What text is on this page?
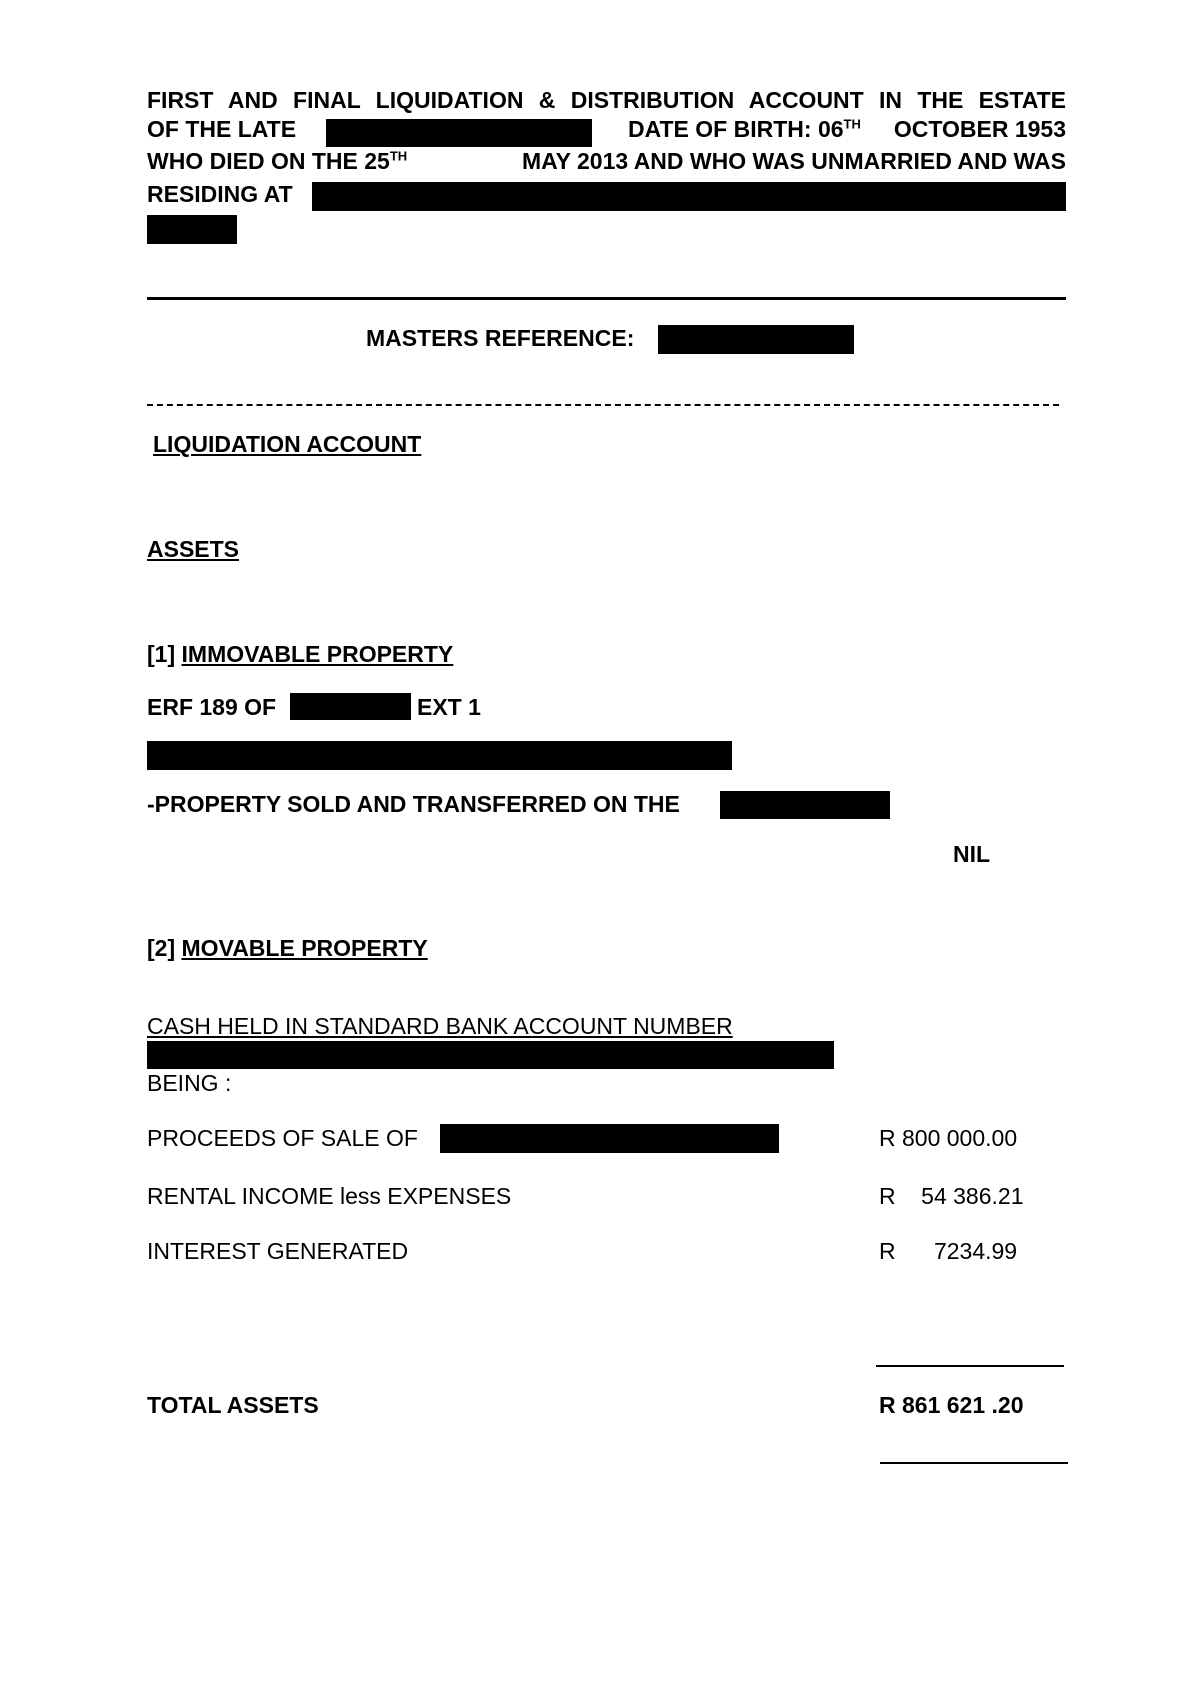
FIRST AND FINAL LIQUIDATION & DISTRIBUTION ACCOUNT IN THE ESTATE
OF THE LATE	DATE OF BIRTH: 06TH OCTOBER 1953
WHO DIED ON THE 25TH	MAY 2013 AND WHO WAS UNMARRIED AND WAS
RESIDING AT
MASTERS REFERENCE:
LIQUIDATION ACCOUNT
ASSETS
[1] IMMOVABLE PROPERTY
ERF 189 OF	EXT 1
-PROPERTY SOLD AND TRANSFERRED ON THE
NIL
[2] MOVABLE PROPERTY
CASH HELD IN STANDARD BANK ACCOUNT NUMBER
BEING :
PROCEEDS OF SALE OF	R 800 000.00
RENTAL INCOME less EXPENSES	R    54 386.21
INTEREST GENERATED	R      7234.99
TOTAL ASSETS	R 861 621 .20
